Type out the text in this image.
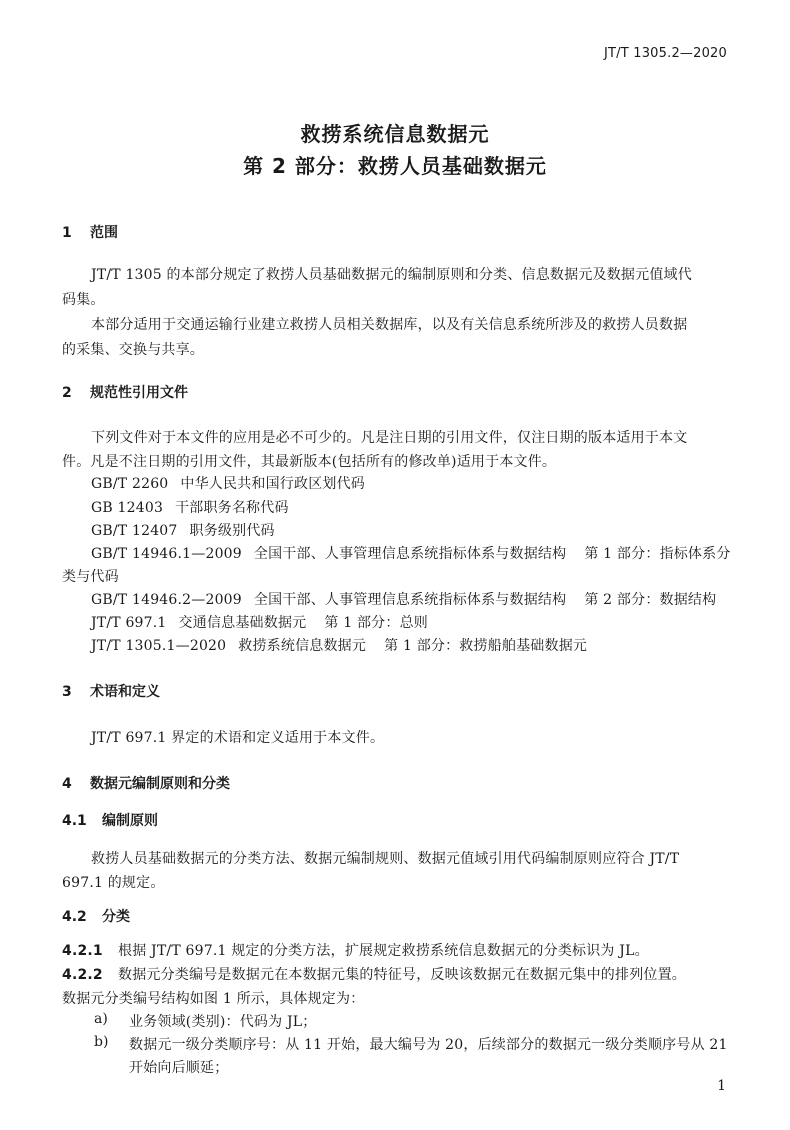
JT/T 1305.2—2020
救捞系统信息数据元
第 2 部分：救捞人员基础数据元
1 范围
JT/T 1305 的本部分规定了救捞人员基础数据元的编制原则和分类、信息数据元及数据元值域代
码集。
本部分适用于交通运输行业建立救捞人员相关数据库，以及有关信息系统所涉及的救捞人员数据
的采集、交换与共享。
2 规范性引用文件
下列文件对于本文件的应用是必不可少的。凡是注日期的引用文件，仅注日期的版本适用于本文
件。凡是不注日期的引用文件，其最新版本(包括所有的修改单)适用于本文件。
GB/T 2260 中华人民共和国行政区划代码
GB 12403 干部职务名称代码
GB/T 12407 职务级别代码
GB/T 14946.1—2009 全国干部、人事管理信息系统指标体系与数据结构 第 1 部分：指标体系分
类与代码
GB/T 14946.2—2009 全国干部、人事管理信息系统指标体系与数据结构 第 2 部分：数据结构
JT/T 697.1 交通信息基础数据元 第 1 部分：总则
JT/T 1305.1—2020 救捞系统信息数据元 第 1 部分：救捞船舶基础数据元
3 术语和定义
JT/T 697.1 界定的术语和定义适用于本文件。
4 数据元编制原则和分类
4.1 编制原则
救捞人员基础数据元的分类方法、数据元编制规则、数据元值域引用代码编制原则应符合 JT/T
697.1 的规定。
4.2 分类
4.2.1 根据 JT/T 697.1 规定的分类方法，扩展规定救捞系统信息数据元的分类标识为 JL。
4.2.2 数据元分类编号是数据元在本数据元集的特征号，反映该数据元在数据元集中的排列位置。
数据元分类编号结构如图 1 所示，具体规定为：
a) 业务领域(类别)：代码为 JL；
b) 数据元一级分类顺序号：从 11 开始，最大编号为 20，后续部分的数据元一级分类顺序号从 21
开始向后顺延；
1
